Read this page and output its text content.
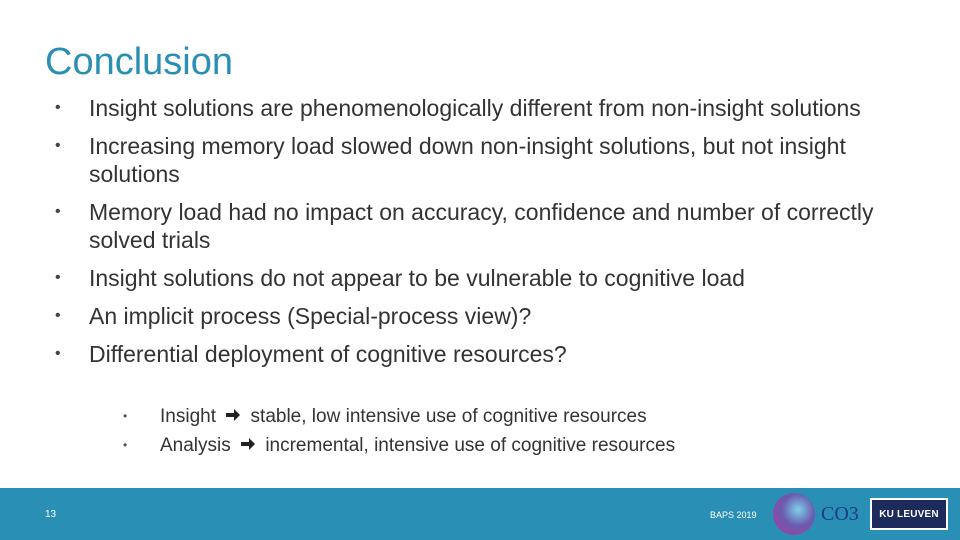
Conclusion
• Insight solutions are phenomenologically different from non-insight solutions
• Increasing memory load slowed down non-insight solutions, but not insight solutions
• Memory load had no impact on accuracy, confidence and number of correctly solved trials
• Insight solutions do not appear to be vulnerable to cognitive load
• An implicit process (Special-process view)?
• Differential deployment of cognitive resources?
• Insight stable, low intensive use of cognitive resources
• Analysis incremental, intensive use of cognitive resources
13	BAPS 2019	CO3	KU LEUVEN
